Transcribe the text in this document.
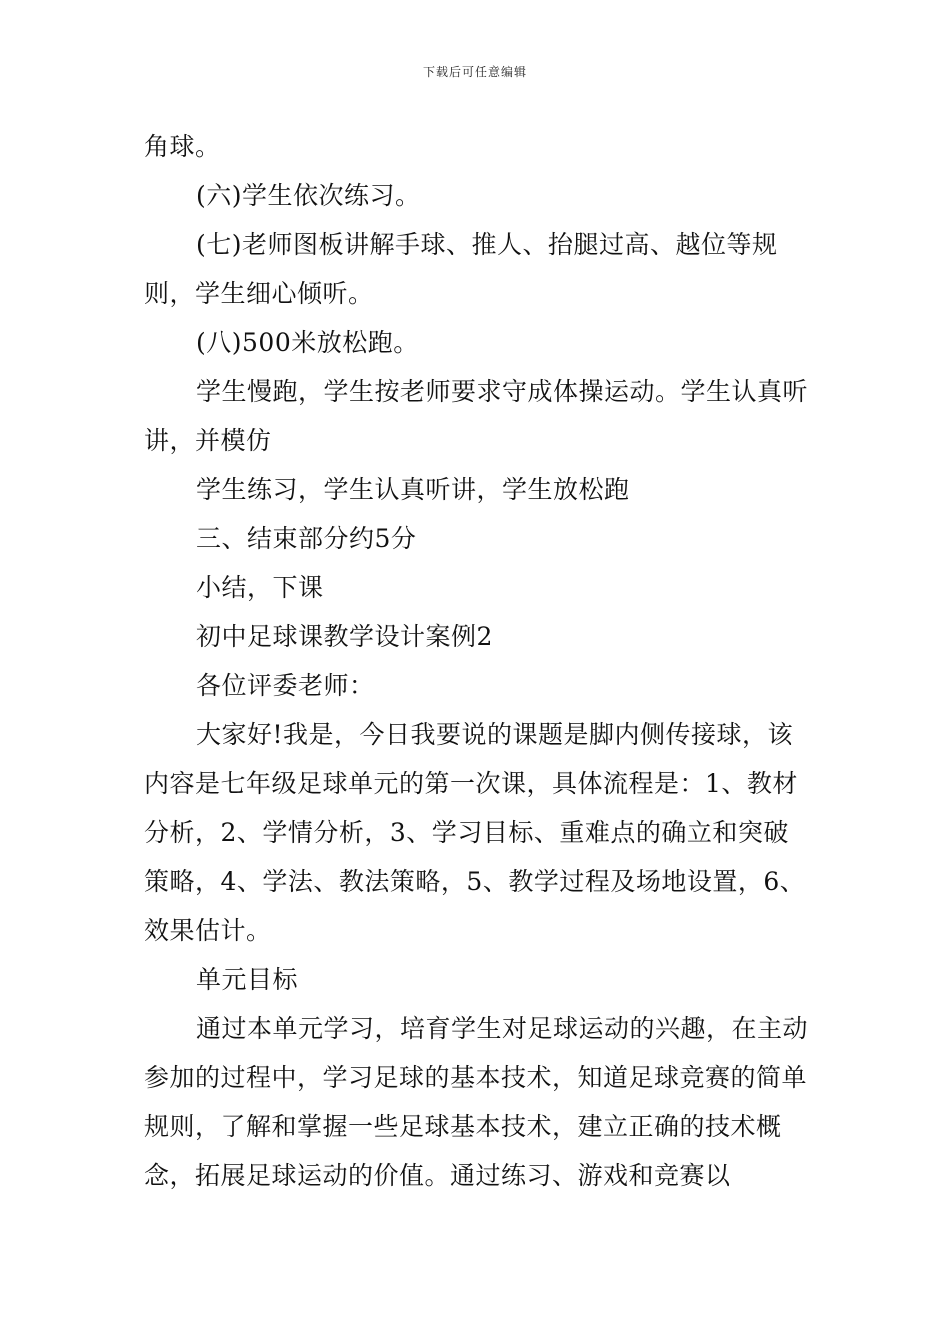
下载后可任意编辑

角球。

(六)学生依次练习。

(七)老师图板讲解手球、推人、抬腿过高、越位等规则，学生细心倾听。

(八)500米放松跑。

学生慢跑，学生按老师要求守成体操运动。学生认真听讲，并模仿

学生练习，学生认真听讲，学生放松跑

三、结束部分约5分

小结，下课

初中足球课教学设计案例2

各位评委老师：

大家好!我是，今日我要说的课题是脚内侧传接球，该内容是七年级足球单元的第一次课，具体流程是：1、教材分析，2、学情分析，3、学习目标、重难点的确立和突破策略，4、学法、教法策略，5、教学过程及场地设置，6、效果估计。

单元目标

通过本单元学习，培育学生对足球运动的兴趣，在主动参加的过程中，学习足球的基本技术，知道足球竞赛的简单规则，了解和掌握一些足球基本技术，建立正确的技术概念，拓展足球运动的价值。通过练习、游戏和竞赛以
